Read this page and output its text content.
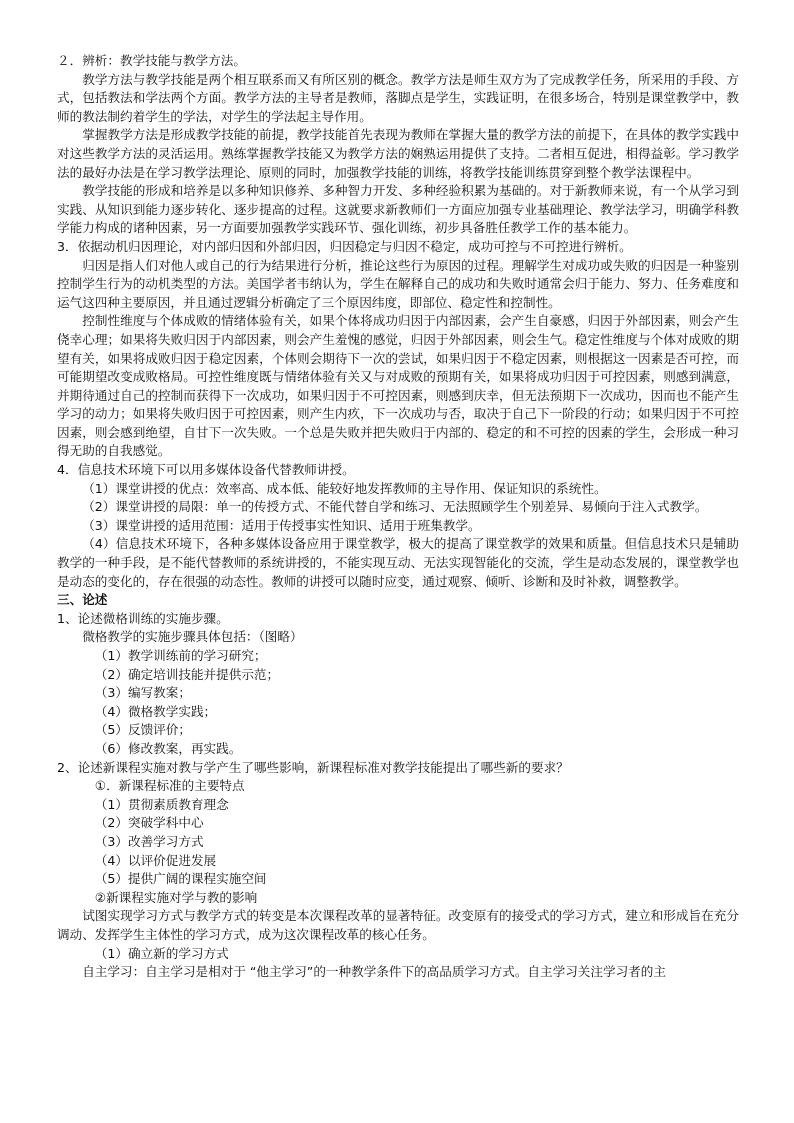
２．辨析：教学技能与教学方法。

教学方法与教学技能是两个相互联系而又有所区别的概念。教学方法是师生双方为了完成教学任务，所采用的手段、方式，包括教法和学法两个方面。教学方法的主导者是教师，落脚点是学生，实践证明，在很多场合，特别是课堂教学中，教师的教法制约着学生的学法，对学生的学法起主导作用。

掌握教学方法是形成教学技能的前提，教学技能首先表现为教师在掌握大量的教学方法的前提下，在具体的教学实践中对这些教学方法的灵活运用。熟练掌握教学技能又为教学方法的娴熟运用提供了支持。二者相互促进，相得益彰。学习教学法的最好办法是在学习教学法理论、原则的同时，加强教学技能的训练，将教学技能训练贯穿到整个教学法课程中。

教学技能的形成和培养是以多种知识修养、多种智力开发、多种经验积累为基础的。对于新教师来说，有一个从学习到实践、从知识到能力逐步转化、逐步提高的过程。这就要求新教师们一方面应加强专业基础理论、教学法学习，明确学科教学能力构成的诸种因素，另一方面要加强教学实践环节、强化训练，初步具备胜任教学工作的基本能力。

3．依据动机归因理论，对内部归因和外部归因，归因稳定与归因不稳定，成功可控与不可控进行辨析。

归因是指人们对他人或自己的行为结果进行分析，推论这些行为原因的过程。理解学生对成功或失败的归因是一种鉴别控制学生行为的动机类型的方法。美国学者韦纳认为，学生在解释自己的成功和失败时通常会归于能力、努力、任务难度和运气这四种主要原因，并且通过逻辑分析确定了三个原因纬度，即部位、稳定性和控制性。

控制性维度与个体成败的情绪体验有关，如果个体将成功归因于内部因素，会产生自豪感，归因于外部因素，则会产生侥幸心理；如果将失败归因于内部因素，则会产生羞愧的感觉，归因于外部因素，则会生气。稳定性维度与个体对成败的期望有关，如果将成败归因于稳定因素，个体则会期待下一次的尝试，如果归因于不稳定因素，则根据这一因素是否可控，而可能期望改变成败格局。可控性维度既与情绪体验有关又与对成败的预期有关，如果将成功归因于可控因素，则感到满意，并期待通过自己的控制而获得下一次成功，如果归因于不可控因素，则感到庆幸，但无法预期下一次成功，因而也不能产生学习的动力；如果将失败归因于可控因素，则产生内疚，下一次成功与否，取决于自己下一阶段的行动；如果归因于不可控因素，则会感到绝望，自甘下一次失败。一个总是失败并把失败归于内部的、稳定的和不可控的因素的学生，会形成一种习得无助的自我感觉。

4．信息技术环境下可以用多媒体设备代替教师讲授。

（1）课堂讲授的优点：效率高、成本低、能较好地发挥教师的主导作用、保证知识的系统性。

（2）课堂讲授的局限：单一的传授方式、不能代替自学和练习、无法照顾学生个别差异、易倾向于注入式教学。

（3）课堂讲授的适用范围：适用于传授事实性知识、适用于班集教学。

（4）信息技术环境下，各种多媒体设备应用于课堂教学，极大的提高了课堂教学的效果和质量。但信息技术只是辅助教学的一种手段，是不能代替教师的系统讲授的，不能实现互动、无法实现智能化的交流，学生是动态发展的，课堂教学也是动态的变化的，存在很强的动态性。教师的讲授可以随时应变，通过观察、倾听、诊断和及时补救，调整教学。

三、论述

1、论述微格训练的实施步骤。

微格教学的实施步骤具体包括：（图略）

（1）教学训练前的学习研究；

（2）确定培训技能并提供示范；

（3）编写教案；

（4）微格教学实践；

（5）反馈评价；

（6）修改教案，再实践。

2、论述新课程实施对教与学产生了哪些影响，新课程标准对教学技能提出了哪些新的要求？

①．新课程标准的主要特点

（1）贯彻素质教育理念

（2）突破学科中心

（3）改善学习方式

（4）以评价促进发展

（5）提供广阔的课程实施空间

②新课程实施对学与教的影响

试图实现学习方式与教学方式的转变是本次课程改革的显著特征。改变原有的接受式的学习方式，建立和形成旨在充分调动、发挥学生主体性的学习方式，成为这次课程改革的核心任务。

（1）确立新的学习方式

自主学习：自主学习是相对于 “他主学习”的一种教学条件下的高品质学习方式。自主学习关注学习者的主
